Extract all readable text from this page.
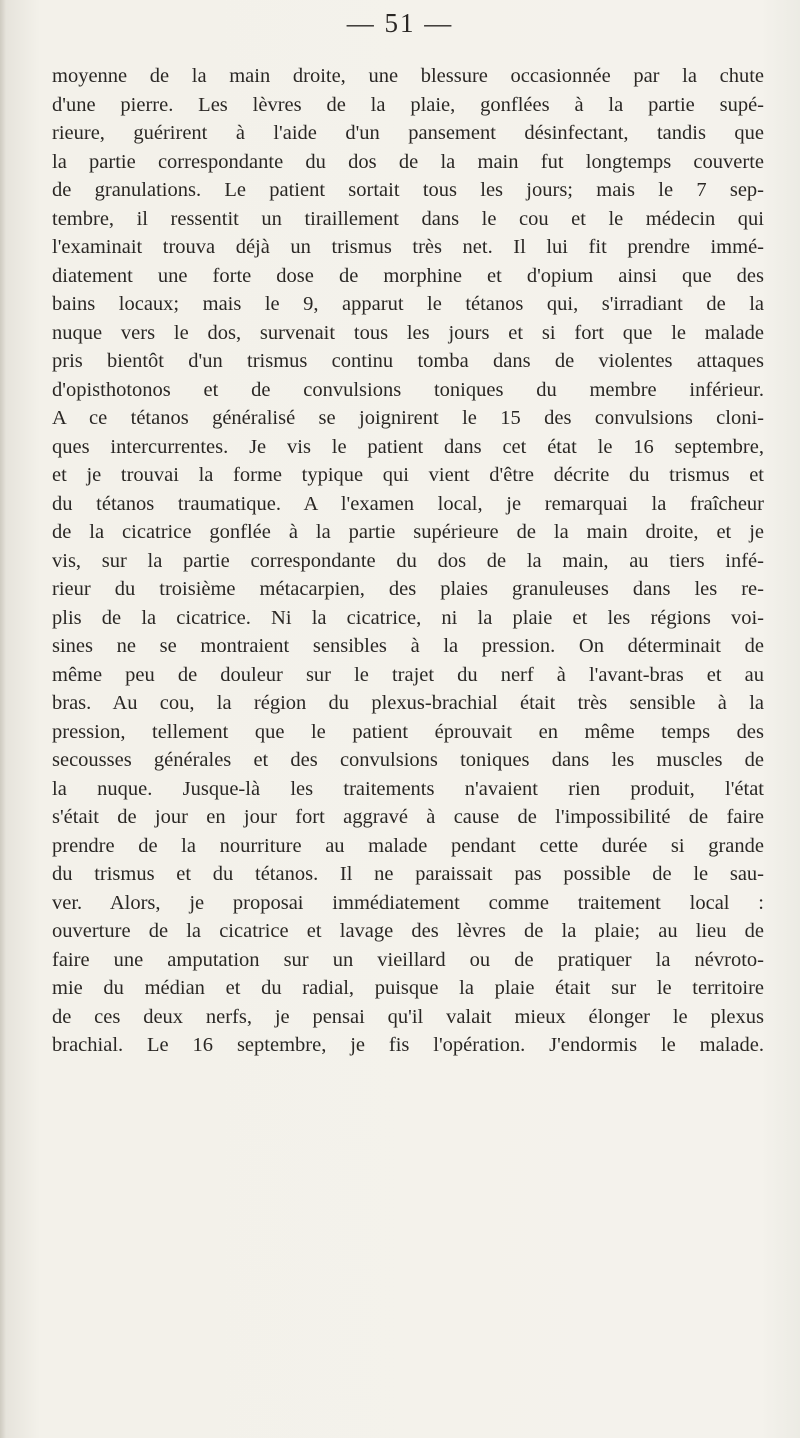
— 51 —
moyenne de la main droite, une blessure occasionnée par la chute
d'une pierre. Les lèvres de la plaie, gonflées à la partie supé-
rieure, guérirent à l'aide d'un pansement désinfectant, tandis que
la partie correspondante du dos de la main fut longtemps couverte
de granulations. Le patient sortait tous les jours; mais le 7 sep-
tembre, il ressentit un tiraillement dans le cou et le médecin qui
l'examinait trouva déjà un trismus très net. Il lui fit prendre immé-
diatement une forte dose de morphine et d'opium ainsi que des
bains locaux; mais le 9, apparut le tétanos qui, s'irradiant de la
nuque vers le dos, survenait tous les jours et si fort que le malade
pris bientôt d'un trismus continu tomba dans de violentes attaques
d'opisthotonos et de convulsions toniques du membre inférieur.
A ce tétanos généralisé se joignirent le 15 des convulsions cloni-
ques intercurrentes. Je vis le patient dans cet état le 16 septembre,
et je trouvai la forme typique qui vient d'être décrite du trismus et
du tétanos traumatique. A l'examen local, je remarquai la fraîcheur
de la cicatrice gonflée à la partie supérieure de la main droite, et je
vis, sur la partie correspondante du dos de la main, au tiers infé-
rieur du troisième métacarpien, des plaies granuleuses dans les re-
plis de la cicatrice. Ni la cicatrice, ni la plaie et les régions voi-
sines ne se montraient sensibles à la pression. On déterminait de
même peu de douleur sur le trajet du nerf à l'avant-bras et au
bras. Au cou, la région du plexus-brachial était très sensible à la
pression, tellement que le patient éprouvait en même temps des
secousses générales et des convulsions toniques dans les muscles de
la nuque. Jusque-là les traitements n'avaient rien produit, l'état
s'était de jour en jour fort aggravé à cause de l'impossibilité de faire
prendre de la nourriture au malade pendant cette durée si grande
du trismus et du tétanos. Il ne paraissait pas possible de le sau-
ver. Alors, je proposai immédiatement comme traitement local :
ouverture de la cicatrice et lavage des lèvres de la plaie; au lieu de
faire une amputation sur un vieillard ou de pratiquer la névroto-
mie du médian et du radial, puisque la plaie était sur le territoire
de ces deux nerfs, je pensai qu'il valait mieux élonger le plexus
brachial. Le 16 septembre, je fis l'opération. J'endormis le malade.
